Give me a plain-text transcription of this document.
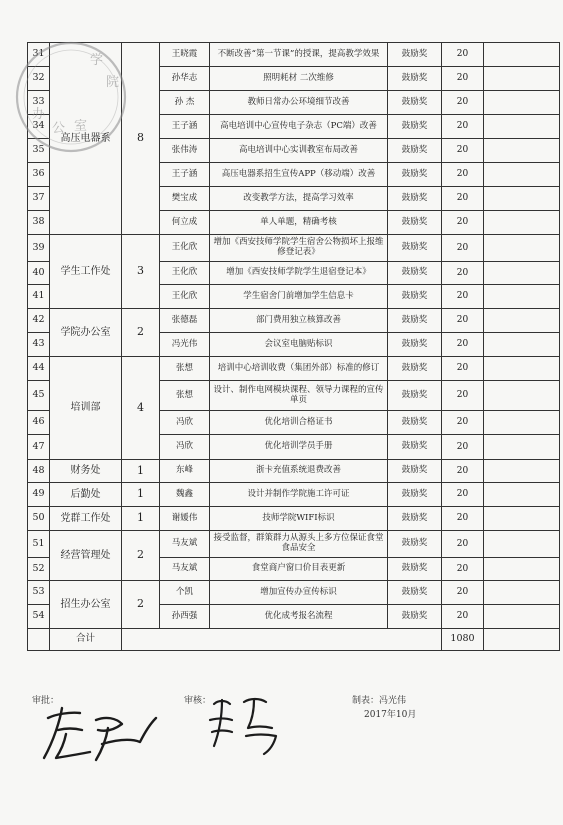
31	高压电器系	8	王晓霞	不断改善“第一节课”的授课，提高教学效果	鼓励奖	20	
32			孙华志	照明耗材 二次维修	鼓励奖	20	
33			孙 杰	教师日常办公环境细节改善	鼓励奖	20	
34			王子涵	高电培训中心宣传电子杂志（PC端）改善	鼓励奖	20	
35			张伟涛	高电培训中心实训教室布局改善	鼓励奖	20	
36			王子涵	高压电器系招生宣传APP（移动端）改善	鼓励奖	20	
37			樊宝成	改变教学方法，提高学习效率	鼓励奖	20	
38			何立成	单人单题，精确考核	鼓励奖	20	
39	学生工作处	3	王化欣	增加《西安技师学院学生宿舍公物损坏上报维修登记表》	鼓励奖	20	
40			王化欣	增加《西安技师学院学生退宿登记本》	鼓励奖	20	
41			王化欣	学生宿舍门前增加学生信息卡	鼓励奖	20	
42	学院办公室	2	张德磊	部门费用独立核算改善	鼓励奖	20	
43			冯光伟	会议室电脑贴标识	鼓励奖	20	
44	培训部	4	张想	培训中心培训收费（集团外部）标准的修订	鼓励奖	20	
45			张想	设计、制作电网模块课程、领导力课程的宣传单页	鼓励奖	20	
46			冯欣	优化培训合格证书	鼓励奖	20	
47			冯欣	优化培训学员手册	鼓励奖	20	
48	财务处	1	东峰	浙卡充值系统退费改善	鼓励奖	20	
49	后勤处	1	魏鑫	设计并制作学院施工许可证	鼓励奖	20	
50	党群工作处	1	谢媛伟	技师学院WIFI标识	鼓励奖	20	
51	经营管理处	2	马友斌	接受监督，群策群力从源头上多方位保证食堂食品安全	鼓励奖	20	
52			马友斌	食堂商户窗口价目表更新	鼓励奖	20	
53	招生办公室	2	个凯	增加宣传办宣传标识	鼓励奖	20	
54			孙西强	优化成考报名流程	鼓励奖	20	
	合计					1080	
审批：	审核：	制表：冯光伟
2017年10月
学
院
办
公 室
